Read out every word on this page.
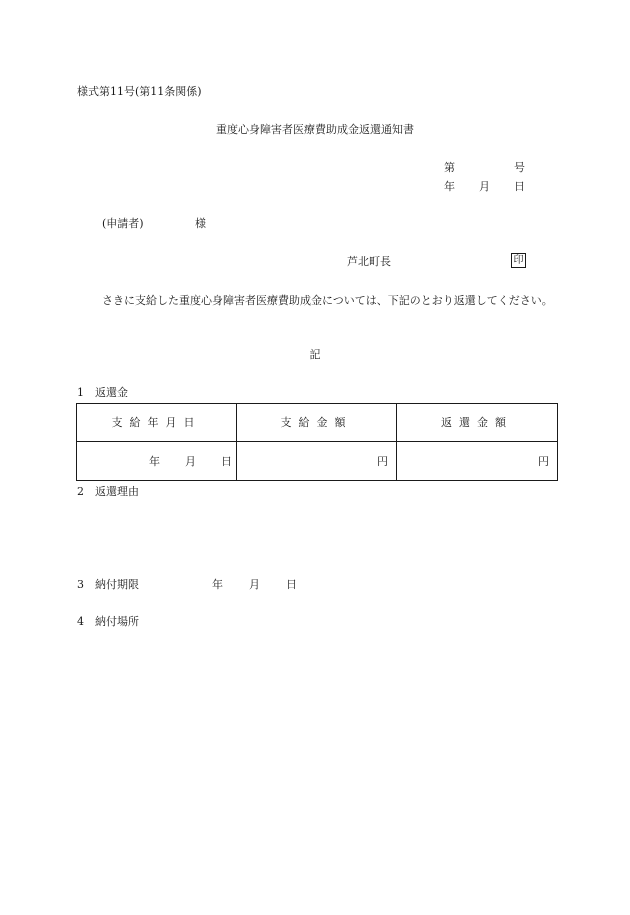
様式第11号(第11条関係)
重度心身障害者医療費助成金返還通知書
第	号
年 月 日
(申請者)	様
芦北町長	印
さきに支給した重度心身障害者医療費助成金については、下記のとおり返還してください。
記
1 返還金
支給年月日	支給金額	返還金額

年 月 日	円	円
2 返還理由
3 納付期限	年 月 日
4 納付場所
